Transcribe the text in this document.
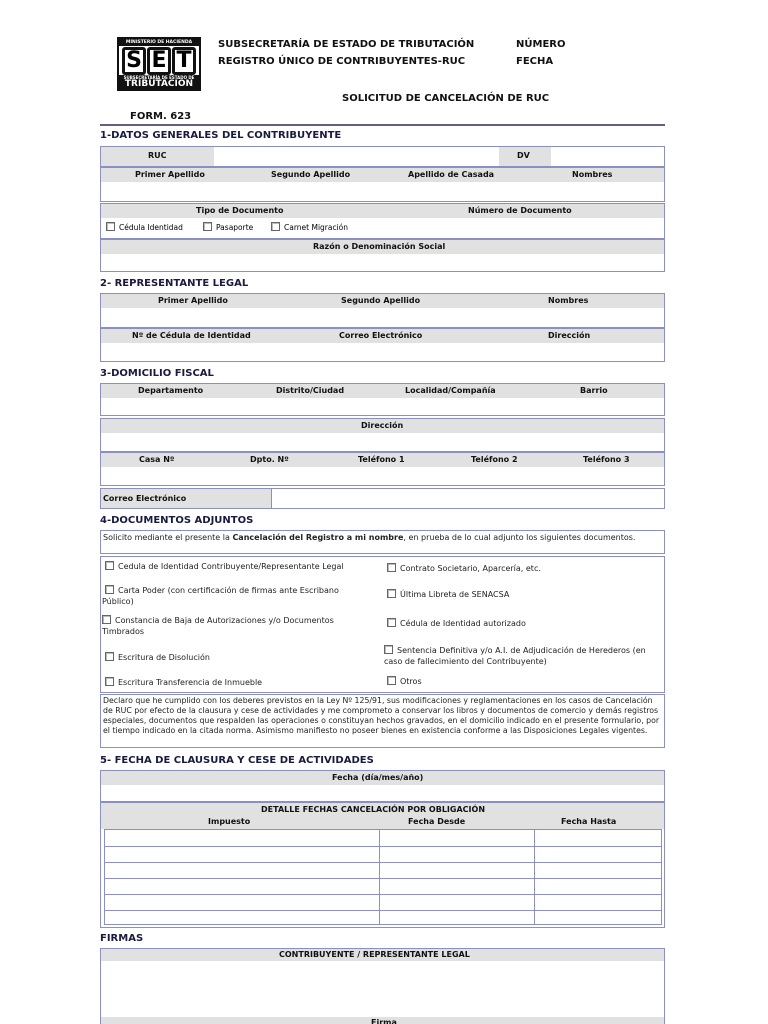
MINISTERIO DE HACIENDA
S E T
SUBSECRETARÍA DE ESTADO DE
TRIBUTACION
SUBSECRETARÍA DE ESTADO DE TRIBUTACIÓN
REGISTRO ÚNICO DE CONTRIBUYENTES-RUC
NÚMERO
FECHA
SOLICITUD DE CANCELACIÓN DE RUC
FORM. 623
1-DATOS GENERALES DEL CONTRIBUYENTE
RUC	DV
Primer Apellido	Segundo Apellido	Apellido de Casada	Nombres
Tipo de Documento	Número de Documento
Cédula Identidad	Pasaporte	Carnet Migración
Razón o Denominación Social
2- REPRESENTANTE LEGAL
Primer Apellido	Segundo Apellido	Nombres
Nº de Cédula de Identidad	Correo Electrónico	Dirección
3-DOMICILIO FISCAL
Departamento	Distrito/Ciudad	Localidad/Compañía	Barrio
Dirección
Casa Nº	Dpto. Nº	Teléfono 1	Teléfono 2	Teléfono 3
Correo Electrónico
4-DOCUMENTOS ADJUNTOS
Solicito mediante el presente la Cancelación del Registro a mi nombre, en prueba de lo cual adjunto los siguientes documentos.
Cedula de Identidad Contribuyente/Representante Legal
Carta Poder (con certificación de firmas ante Escribano Público)
Constancia de Baja de Autorizaciones y/o Documentos Timbrados
Escritura de Disolución
Escritura Transferencia de Inmueble
Contrato Societario, Aparcería, etc.
Última Libreta de SENACSA
Cédula de Identidad autorizado
Sentencia Definitiva y/o A.I. de Adjudicación de Herederos (en caso de fallecimiento del Contribuyente)
Otros
Declaro que he cumplido con los deberes previstos en la Ley Nº 125/91, sus modificaciones y reglamentaciones en los casos de Cancelación de RUC por efecto de la clausura y cese de actividades y me comprometo a conservar los libros y documentos de comercio y demás registros especiales, documentos que respalden las operaciones o constituyan hechos gravados, en el domicilio indicado en el presente formulario, por el tiempo indicado en la citada norma. Asimismo manifiesto no poseer bienes en existencia conforme a las Disposiciones Legales vigentes.
5- FECHA DE CLAUSURA Y CESE DE ACTIVIDADES
Fecha (día/mes/año)
DETALLE FECHAS CANCELACIÓN POR OBLIGACIÓN
Impuesto	Fecha Desde	Fecha Hasta
FIRMAS
CONTRIBUYENTE / REPRESENTANTE LEGAL
Firma
